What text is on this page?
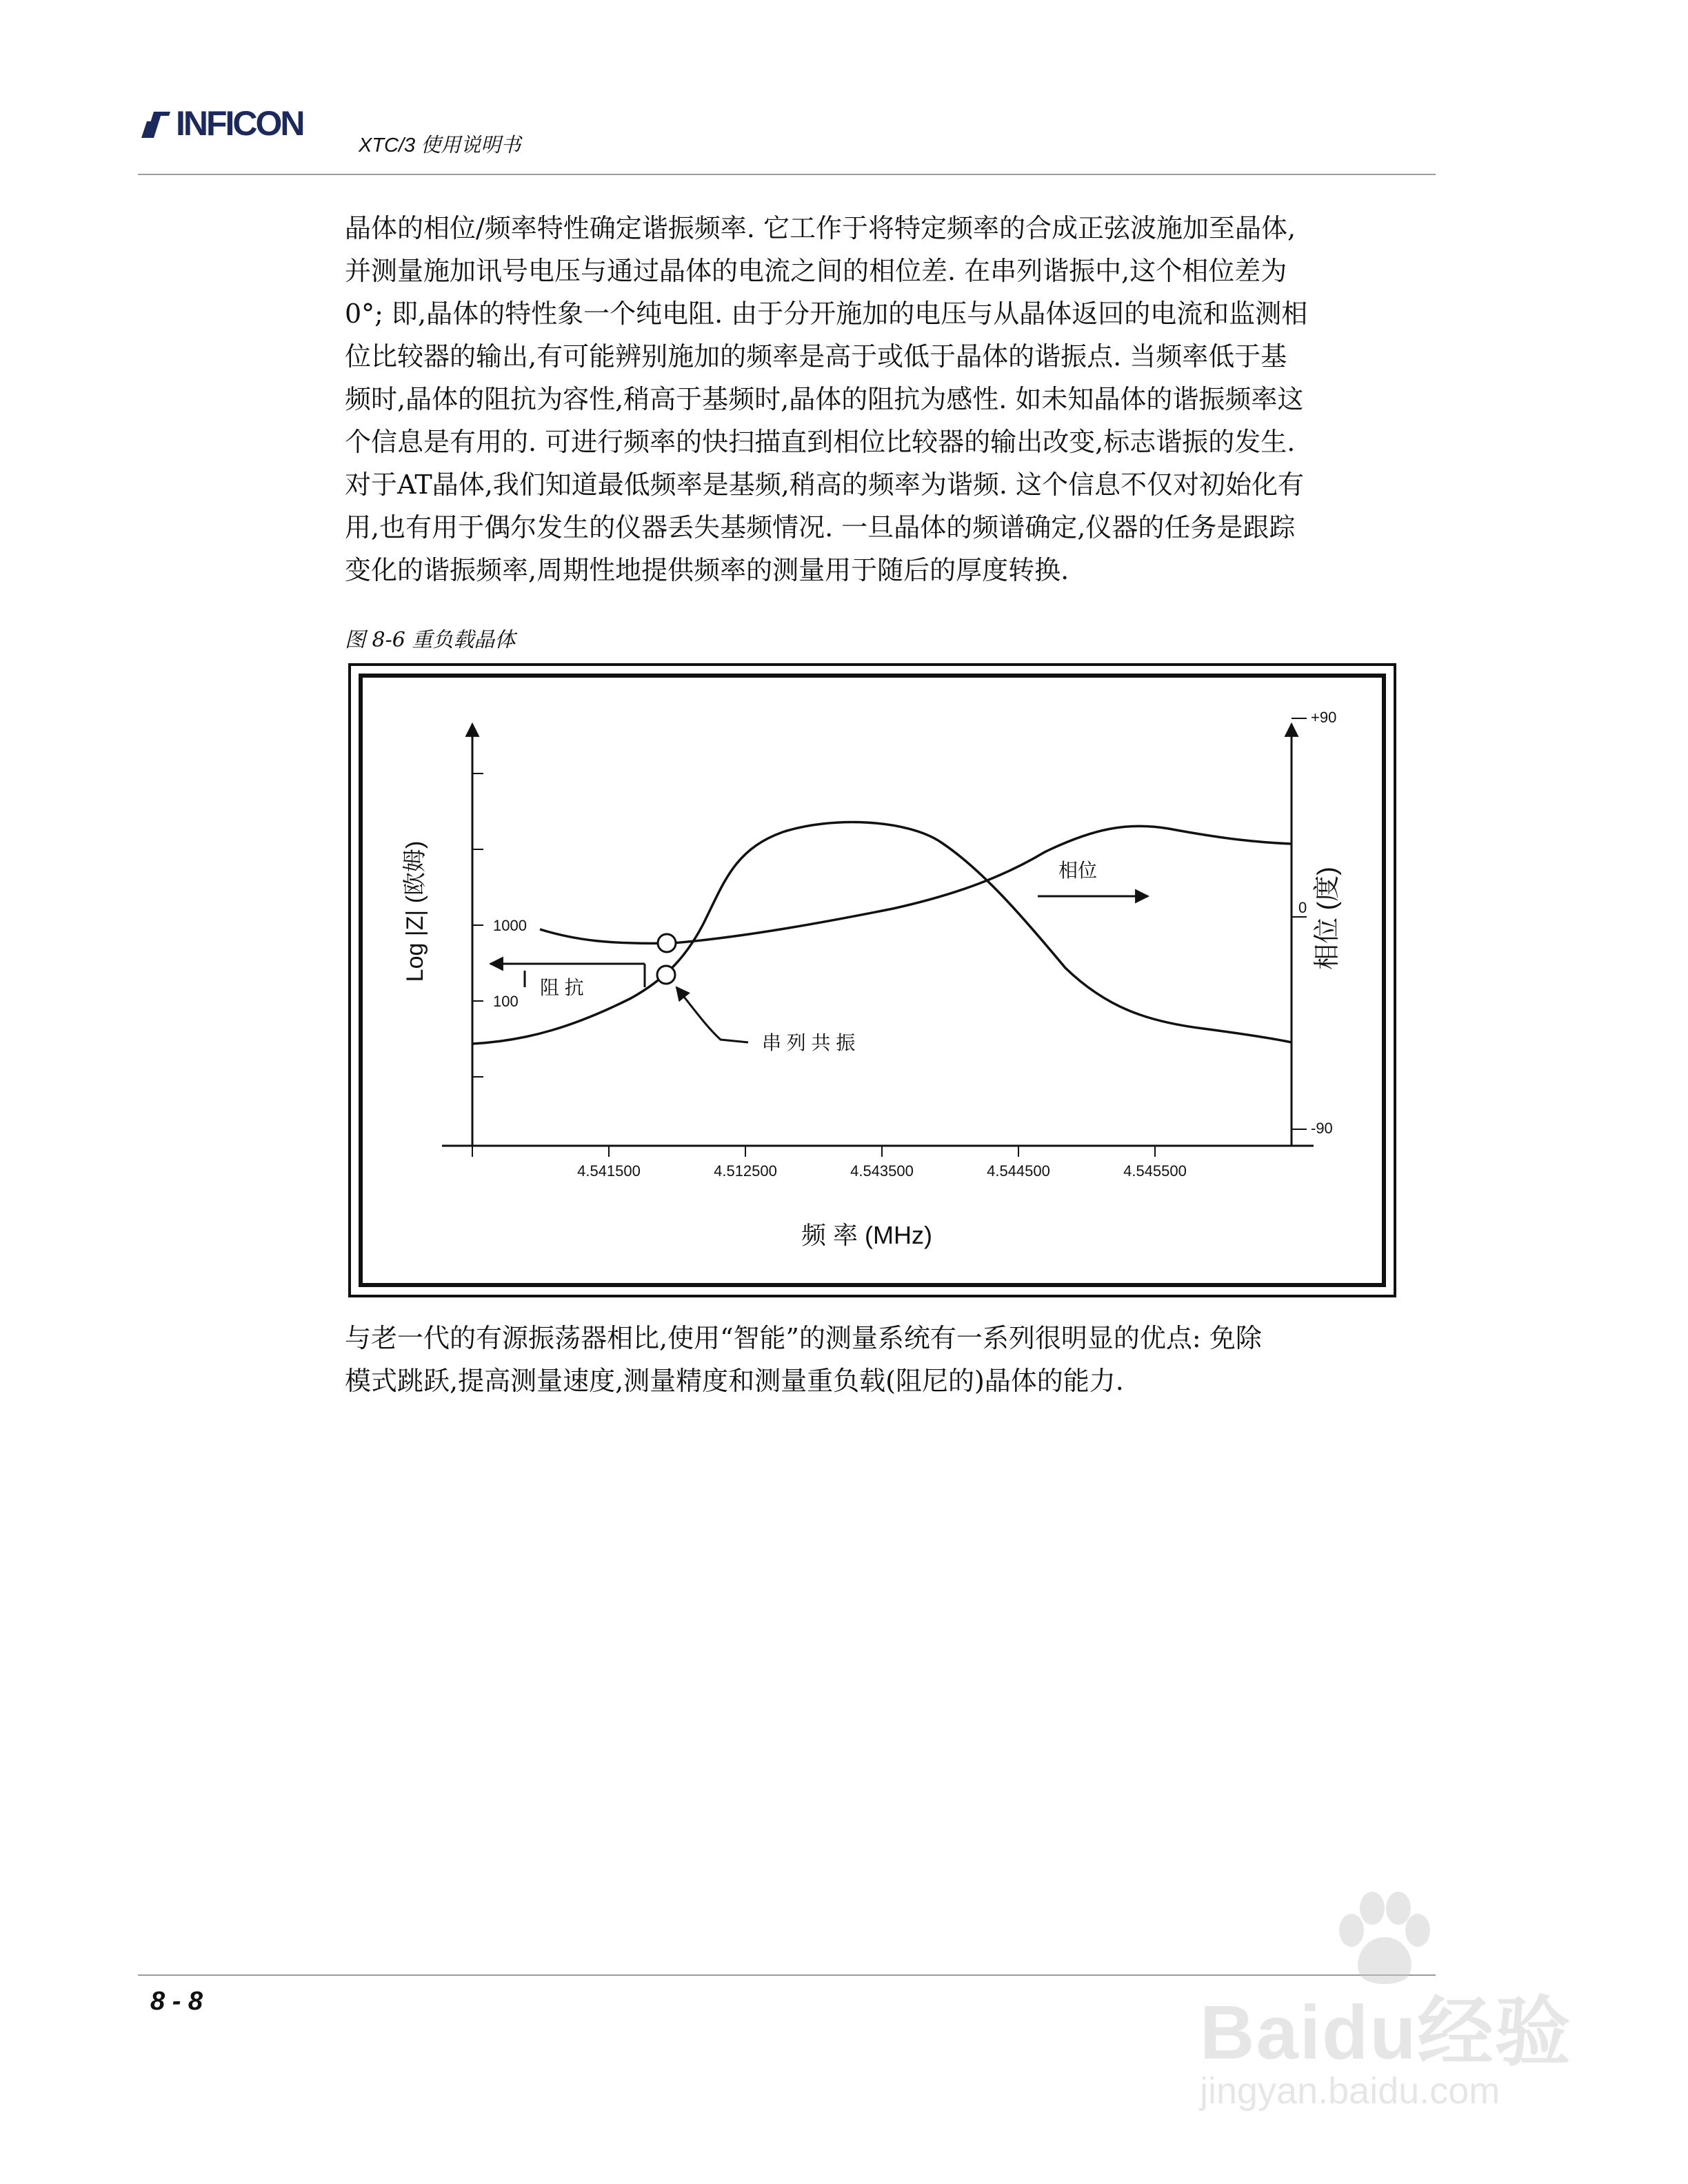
INFICON
XTC/3 使用说明书
晶体的相位/频率特性确定谐振频率. 它工作于将特定频率的合成正弦波施加至晶体,
并测量施加讯号电压与通过晶体的电流之间的相位差. 在串列谐振中,这个相位差为
0°; 即,晶体的特性象一个纯电阻. 由于分开施加的电压与从晶体返回的电流和监测相
位比较器的输出,有可能辨别施加的频率是高于或低于晶体的谐振点. 当频率低于基
频时,晶体的阻抗为容性,稍高于基频时,晶体的阻抗为感性. 如未知晶体的谐振频率这
个信息是有用的. 可进行频率的快扫描直到相位比较器的输出改变,标志谐振的发生.
对于AT晶体,我们知道最低频率是基频,稍高的频率为谐频. 这个信息不仅对初始化有
用,也有用于偶尔发生的仪器丢失基频情况. 一旦晶体的频谱确定,仪器的任务是跟踪
变化的谐振频率,周期性地提供频率的测量用于随后的厚度转换.
图 8-6 重负载晶体
4.541500	4.512500	4.543500	4.544500	4.545500
1000
100
+90
0
-90
Log |Z| (欧姆)	相位 (度)
频 率 (MHz)
阻 抗
相位
串 列 共 振
与老一代的有源振荡器相比,使用“智能”的测量系统有一系列很明显的优点: 免除
模式跳跃,提高测量速度,测量精度和测量重负载(阻尼的)晶体的能力.
8 - 8	Baidu经验
jingyan.baidu.com
